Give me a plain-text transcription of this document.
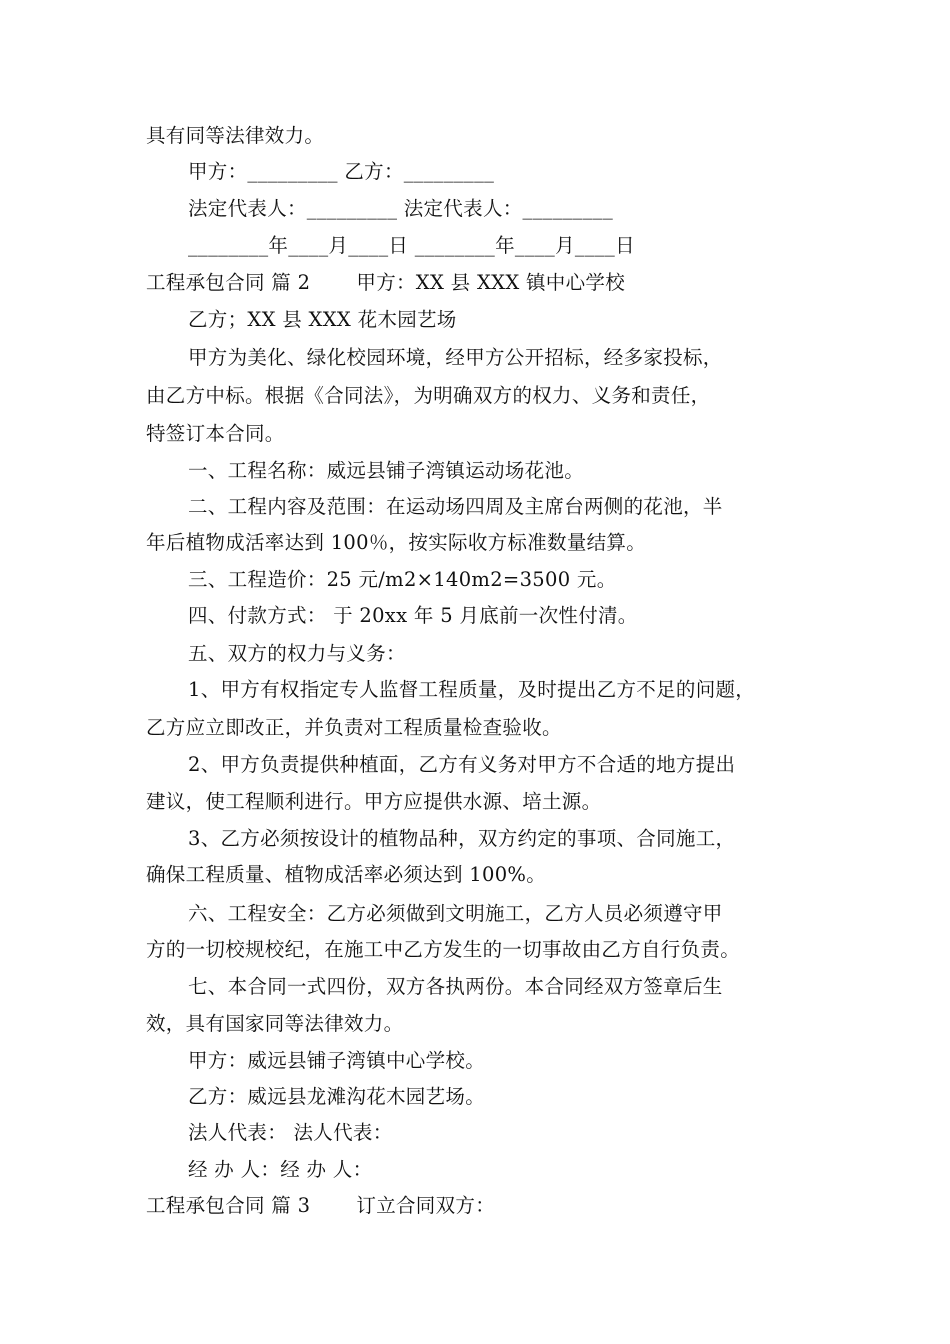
具有同等法律效力。
甲方：_________ 乙方：_________
法定代表人：_________ 法定代表人：_________
________年____月____日 ________年____月____日
工程承包合同 篇 2 　　甲方：XX 县 XXX 镇中心学校
乙方；XX 县 XXX 花木园艺场
甲方为美化、绿化校园环境，经甲方公开招标，经多家投标，
由乙方中标。根据《合同法》，为明确双方的权力、义务和责任，
特签订本合同。
一、工程名称：威远县铺子湾镇运动场花池。
二、工程内容及范围：在运动场四周及主席台两侧的花池，半
年后植物成活率达到 100％，按实际收方标准数量结算。
三、工程造价：25 元/m2×140m2=3500 元。
四、付款方式： 于 20xx 年 5 月底前一次性付清。
五、双方的权力与义务：
1、甲方有权指定专人监督工程质量，及时提出乙方不足的问题，
乙方应立即改正，并负责对工程质量检查验收。
2、甲方负责提供种植面，乙方有义务对甲方不合适的地方提出
建议，使工程顺利进行。甲方应提供水源、培土源。
3、乙方必须按设计的植物品种，双方约定的事项、合同施工，
确保工程质量、植物成活率必须达到 100%。
六、工程安全：乙方必须做到文明施工，乙方人员必须遵守甲
方的一切校规校纪，在施工中乙方发生的一切事故由乙方自行负责。
七、本合同一式四份，双方各执两份。本合同经双方签章后生
效，具有国家同等法律效力。
甲方：威远县铺子湾镇中心学校。
乙方：威远县龙滩沟花木园艺场。
法人代表： 法人代表：
经 办 人：经 办 人：
工程承包合同 篇 3 　　订立合同双方：
